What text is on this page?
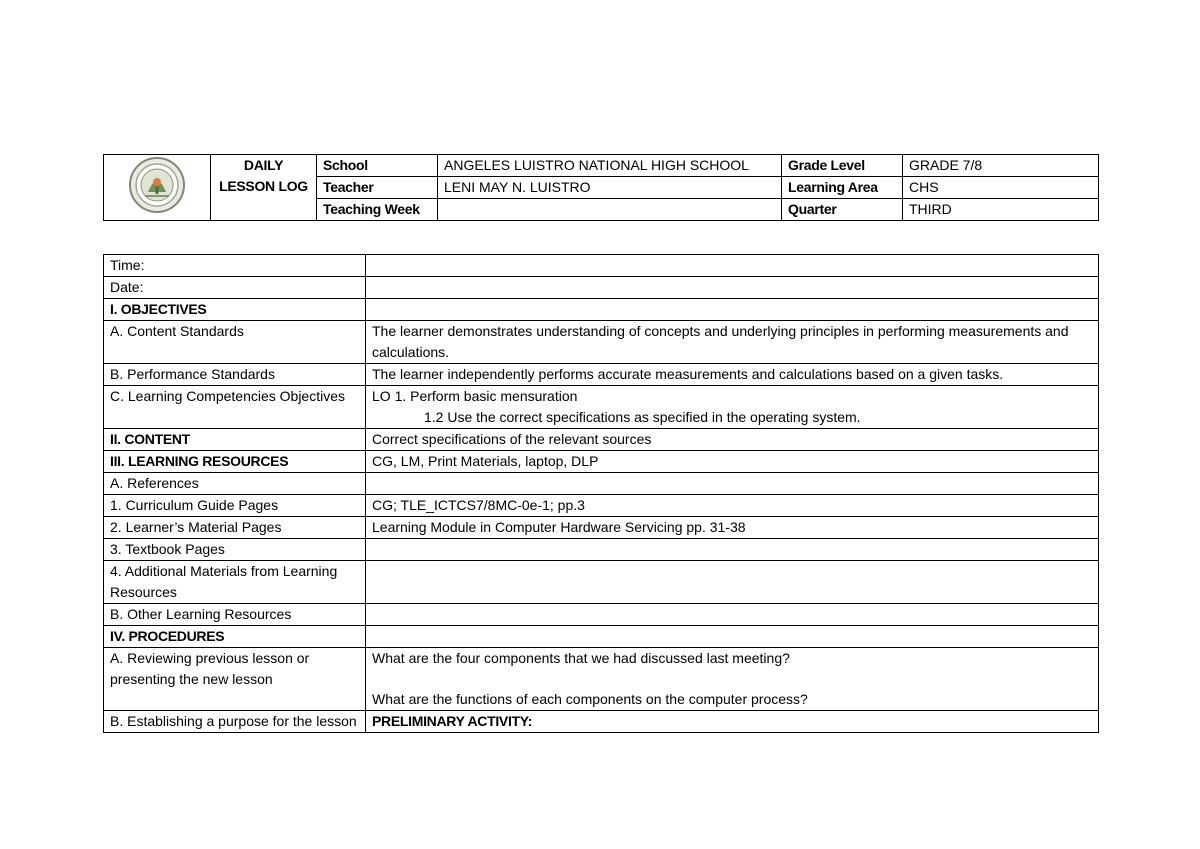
DAILY
LESSON LOG	School	ANGELES LUISTRO NATIONAL HIGH SCHOOL	Grade Level	GRADE 7/8
		Teacher	LENI MAY N. LUISTRO	Learning Area	CHS
		Teaching Week		Quarter	THIRD
Time:	
Date:	
I. OBJECTIVES	
A. Content Standards	The learner demonstrates understanding of concepts and underlying principles in performing measurements and calculations.
B. Performance Standards	The learner independently performs accurate measurements and calculations based on a given tasks.
C. Learning Competencies Objectives	LO 1. Perform basic mensuration
1.2 Use the correct specifications as specified in the operating system.

II. CONTENT	Correct specifications of the relevant sources
III. LEARNING RESOURCES	CG, LM, Print Materials, laptop, DLP
A. References	
1. Curriculum Guide Pages	CG; TLE_ICTCS7/8MC-0e-1; pp.3
2. Learner’s Material Pages	Learning Module in Computer Hardware Servicing pp. 31-38
3. Textbook Pages	
4. Additional Materials from Learning Resources	
B. Other Learning Resources	
IV. PROCEDURES	
A. Reviewing previous lesson or presenting the new lesson	What are the four components that we had discussed last meeting?
What are the functions of each components on the computer process?

B. Establishing a purpose for the lesson	PRELIMINARY ACTIVITY:
